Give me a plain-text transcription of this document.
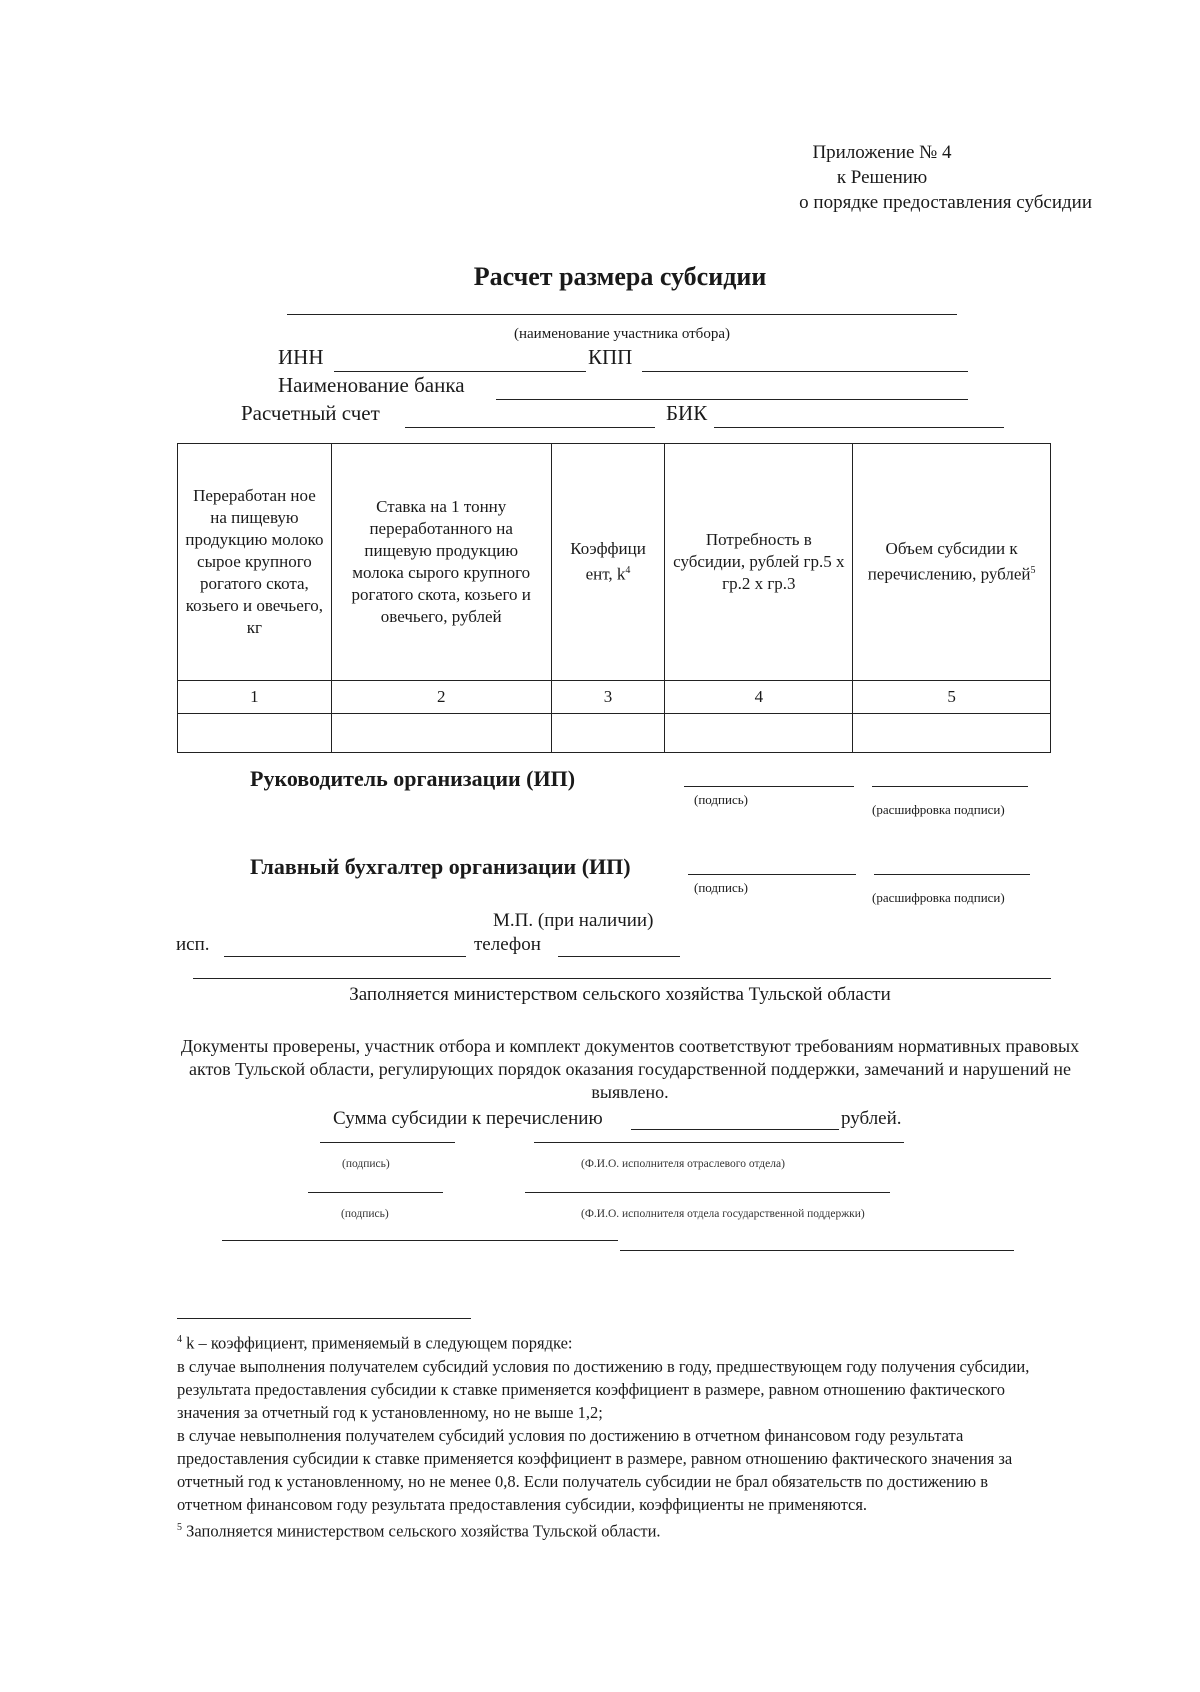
Приложение № 4
к Решению
о порядке предоставления субсидии
Расчет размера субсидии
(наименование участника отбора)
ИНН	КПП
Наименование банка
Расчетный счет	БИК
Переработан ное на пищевую продукцию молоко сырое крупного рогатого скота, козьего и овечьего, кг	Ставка на 1 тонну переработанного на пищевую продукцию молока сырого крупного рогатого скота, козьего и овечьего, рублей	Коэффици ент, $k^4$	Потребность в субсидии, рублей гр.5 х гр.2 х гр.3	Объем субсидии к перечислению, рублей$^5$
1	2	3	4	5

Руководитель организации (ИП)
(подпись)
(расшифровка подписи)
Главный бухгалтер организации (ИП)
(подпись)
(расшифровка подписи)
М.П. (при наличии)
исп.	телефон
Заполняется министерством сельского хозяйства Тульской области
Документы проверены, участник отбора и комплект документов соответствуют требованиям нормативных правовых актов Тульской области, регулирующих порядок оказания государственной поддержки, замечаний и нарушений не выявлено.
Сумма субсидии к перечислению	рублей.
(подпись)	(Ф.И.О. исполнителя отраслевого отдела)
(подпись)	(Ф.И.О. исполнителя отдела государственной поддержки)

$^4$ k – коэффициент, применяемый в следующем порядке:

в случае выполнения получателем субсидий условия по достижению в году, предшествующем году получения субсидии, результата предоставления субсидии к ставке применяется коэффициент в размере, равном отношению фактического значения за отчетный год к установленному, но не выше 1,2;

в случае невыполнения получателем субсидий условия по достижению в отчетном финансовом году результата предоставления субсидии к ставке применяется коэффициент в размере, равном отношению фактического значения за отчетный год к установленному, но не менее 0,8. Если получатель субсидии не брал обязательств по достижению в отчетном финансовом году результата предоставления субсидии, коэффициенты не применяются.

$^5$ Заполняется министерством сельского хозяйства Тульской области.
